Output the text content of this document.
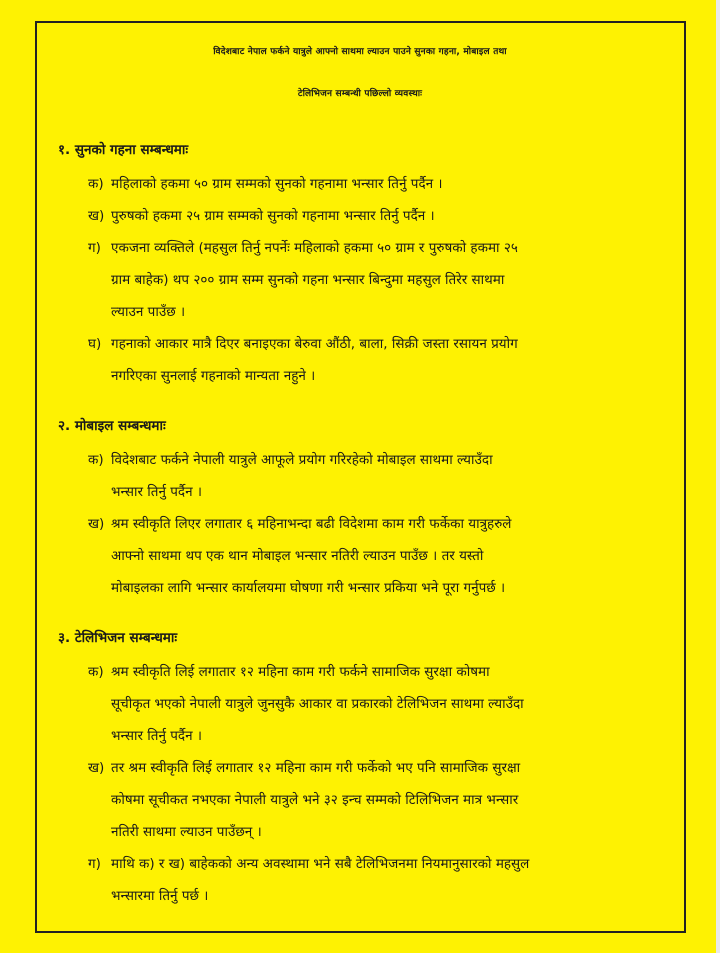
विदेशबाट नेपाल फर्कने यात्रुले आफ्नो साथमा ल्याउन पाउने सुनका गहना, मोबाइल तथा
टेलिभिजन सम्बन्धी पछिल्लो व्यवस्थाः
१. सुनको गहना सम्बन्धमाः
क) महिलाको हकमा ५० ग्राम सम्मको सुनको गहनामा भन्सार तिर्नु पर्दैन ।
ख) पुरुषको हकमा २५ ग्राम सम्मको सुनको गहनामा भन्सार तिर्नु पर्दैन ।
ग) एकजना व्यक्तिले (महसुल तिर्नु नपर्नेः महिलाको हकमा ५० ग्राम र पुरुषको हकमा २५
ग्राम बाहेक) थप २०० ग्राम सम्म सुनको गहना भन्सार बिन्दुमा महसुल तिरेर साथमा
ल्याउन पाउँछ ।
घ) गहनाको आकार मात्रै दिएर बनाइएका बेरुवा औंठी, बाला, सिक्री जस्ता रसायन प्रयोग
नगरिएका सुनलाई गहनाको मान्यता नहुने ।
२. मोबाइल सम्बन्धमाः
क) विदेशबाट फर्कने नेपाली यात्रुले आफूले प्रयोग गरिरहेको मोबाइल साथमा ल्याउँदा
भन्सार तिर्नु पर्दैन ।
ख) श्रम स्वीकृति लिएर लगातार ६ महिनाभन्दा बढी विदेशमा काम गरी फर्केका यात्रुहरुले
आफ्नो साथमा थप एक थान मोबाइल भन्सार नतिरी ल्याउन पाउँछ । तर यस्तो
मोबाइलका लागि भन्सार कार्यालयमा घोषणा गरी भन्सार प्रकिया भने पूरा गर्नुपर्छ ।
३. टेलिभिजन सम्बन्धमाः
क) श्रम स्वीकृति लिई लगातार १२ महिना काम गरी फर्कने सामाजिक सुरक्षा कोषमा
सूचीकृत भएको नेपाली यात्रुले जुनसुकै आकार वा प्रकारको टेलिभिजन साथमा ल्याउँदा
भन्सार तिर्नु पर्दैन ।
ख) तर श्रम स्वीकृति लिई लगातार १२ महिना काम गरी फर्केको भए पनि सामाजिक सुरक्षा
कोषमा सूचीकत नभएका नेपाली यात्रुले भने ३२ इन्च सम्मको टिलिभिजन मात्र भन्सार
नतिरी साथमा ल्याउन पाउँछन् ।
ग) माथि क) र ख) बाहेकको अन्य अवस्थामा भने सबै टेलिभिजनमा नियमानुसारको महसुल
भन्सारमा तिर्नु पर्छ ।
